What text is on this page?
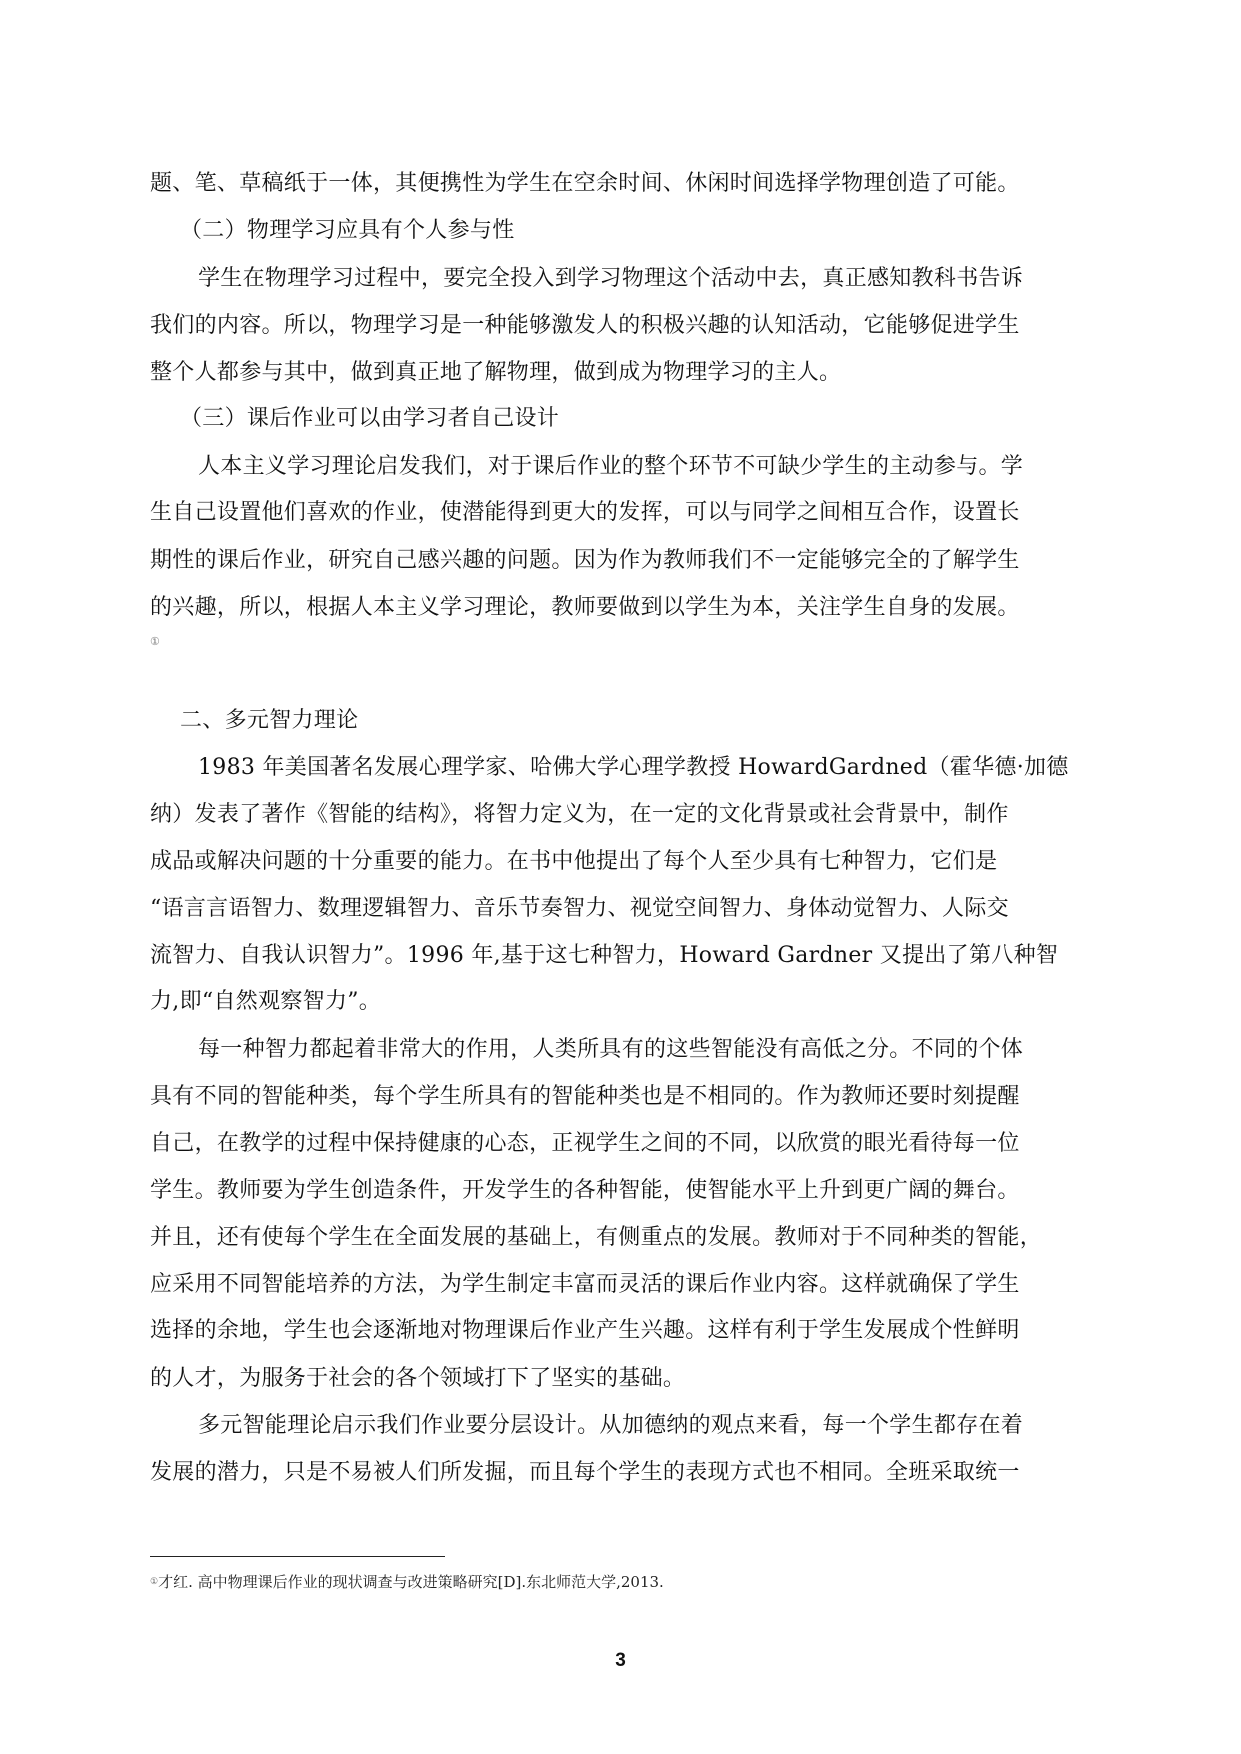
题、笔、草稿纸于一体，其便携性为学生在空余时间、休闲时间选择学物理创造了可能。
（二）物理学习应具有个人参与性
学生在物理学习过程中，要完全投入到学习物理这个活动中去，真正感知教科书告诉
我们的内容。所以，物理学习是一种能够激发人的积极兴趣的认知活动，它能够促进学生
整个人都参与其中，做到真正地了解物理，做到成为物理学习的主人。
（三）课后作业可以由学习者自己设计
人本主义学习理论启发我们，对于课后作业的整个环节不可缺少学生的主动参与。学
生自己设置他们喜欢的作业，使潜能得到更大的发挥，可以与同学之间相互合作，设置长
期性的课后作业，研究自己感兴趣的问题。因为作为教师我们不一定能够完全的了解学生
的兴趣，所以，根据人本主义学习理论，教师要做到以学生为本，关注学生自身的发展。
二、多元智力理论
1983 年美国著名发展心理学家、哈佛大学心理学教授 HowardGardned（霍华德·加德
纳）发表了著作《智能的结构》，将智力定义为，在一定的文化背景或社会背景中，制作
成品或解决问题的十分重要的能力。在书中他提出了每个人至少具有七种智力，它们是
“语言言语智力、数理逻辑智力、音乐节奏智力、视觉空间智力、身体动觉智力、人际交
流智力、自我认识智力”。1996 年,基于这七种智力，Howard Gardner 又提出了第八种智
力,即“自然观察智力”。
每一种智力都起着非常大的作用，人类所具有的这些智能没有高低之分。不同的个体
具有不同的智能种类，每个学生所具有的智能种类也是不相同的。作为教师还要时刻提醒
自己，在教学的过程中保持健康的心态，正视学生之间的不同，以欣赏的眼光看待每一位
学生。教师要为学生创造条件，开发学生的各种智能，使智能水平上升到更广阔的舞台。
并且，还有使每个学生在全面发展的基础上，有侧重点的发展。教师对于不同种类的智能，
应采用不同智能培养的方法，为学生制定丰富而灵活的课后作业内容。这样就确保了学生
选择的余地，学生也会逐渐地对物理课后作业产生兴趣。这样有利于学生发展成个性鲜明
的人才，为服务于社会的各个领域打下了坚实的基础。
多元智能理论启示我们作业要分层设计。从加德纳的观点来看，每一个学生都存在着
发展的潜力，只是不易被人们所发掘，而且每个学生的表现方式也不相同。全班采取统一
①
①才红. 高中物理课后作业的现状调查与改进策略研究[D].东北师范大学,2013.
3
